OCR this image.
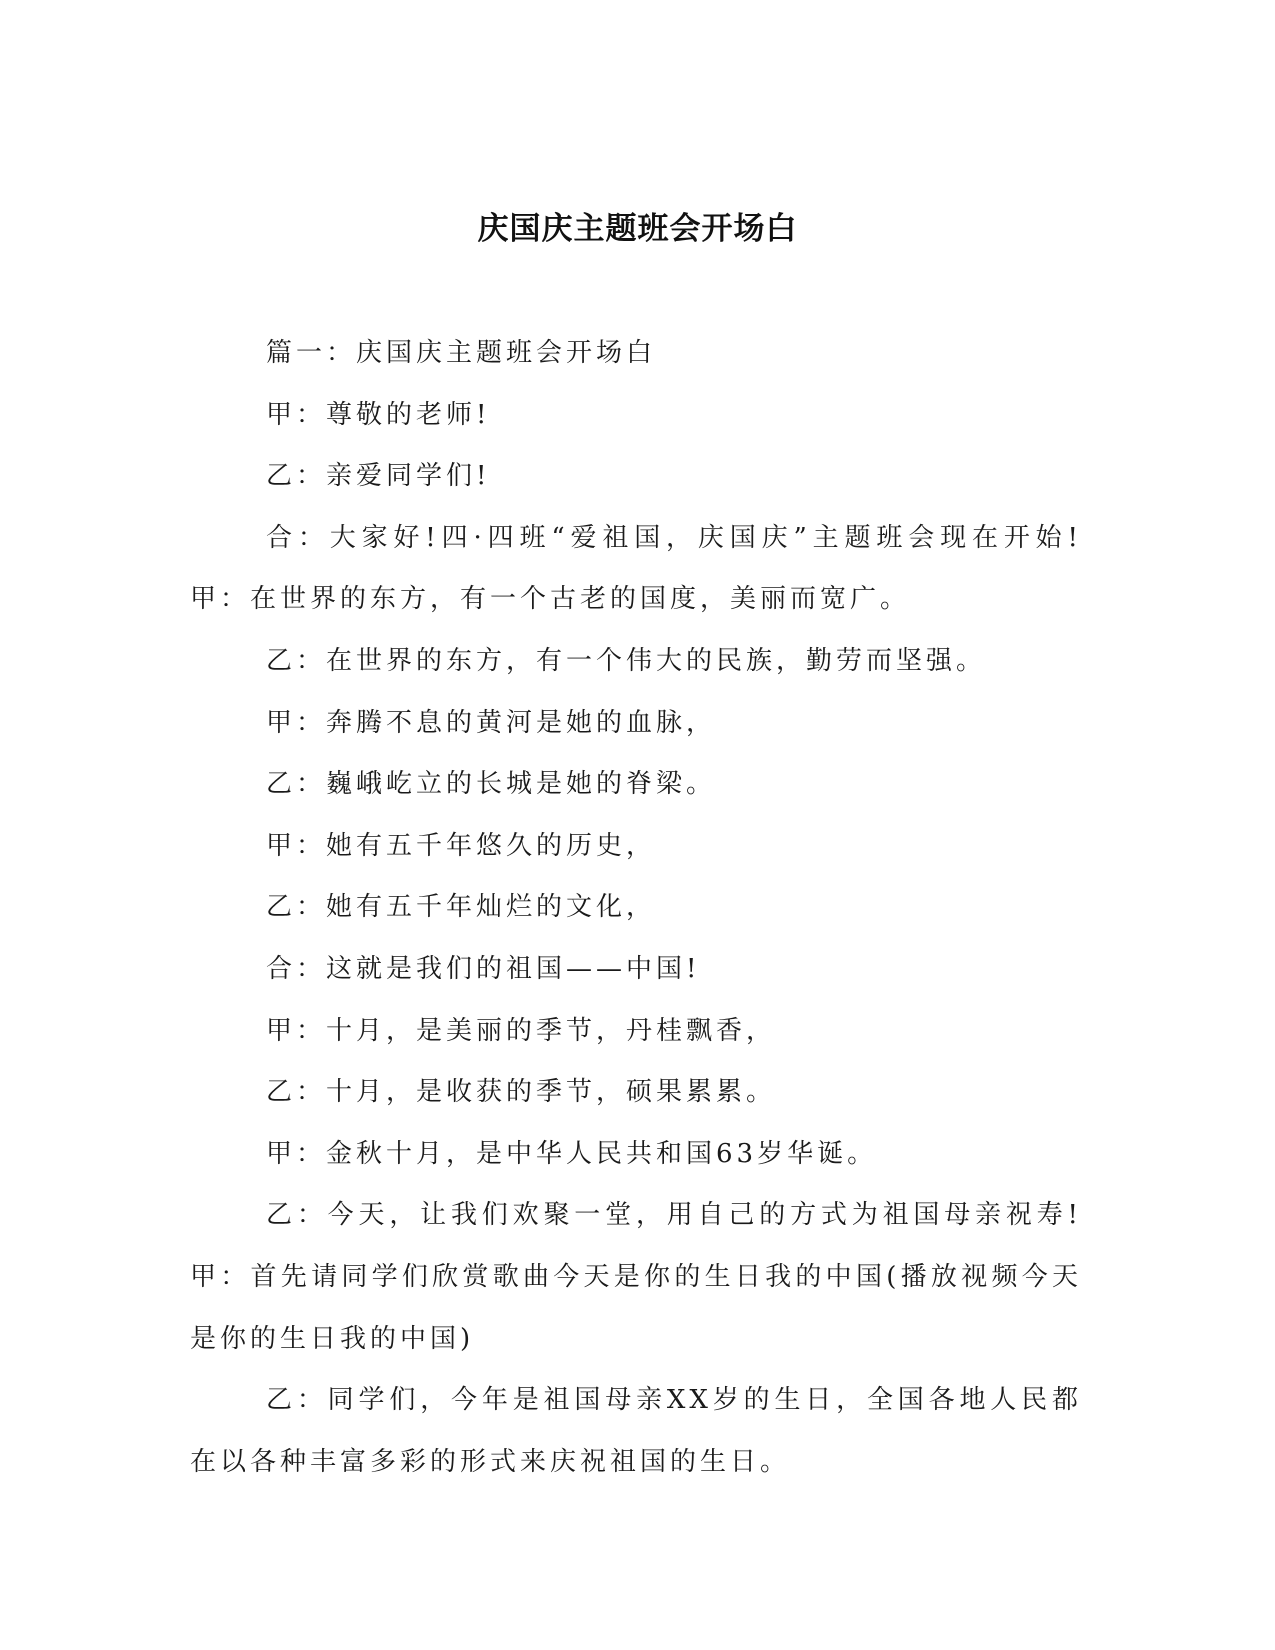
庆国庆主题班会开场白

篇一：庆国庆主题班会开场白

甲：尊敬的老师!

乙：亲爱同学们!

合：大家好!四·四班“爱祖国，庆国庆”主题班会现在开始!甲：在世界的东方，有一个古老的国度，美丽而宽广。

乙：在世界的东方，有一个伟大的民族，勤劳而坚强。

甲：奔腾不息的黄河是她的血脉，

乙：巍峨屹立的长城是她的脊梁。

甲：她有五千年悠久的历史，

乙：她有五千年灿烂的文化，

合：这就是我们的祖国——中国!

甲：十月，是美丽的季节，丹桂飘香，

乙：十月，是收获的季节，硕果累累。

甲：金秋十月，是中华人民共和国63岁华诞。

乙：今天，让我们欢聚一堂，用自己的方式为祖国母亲祝寿!甲：首先请同学们欣赏歌曲今天是你的生日我的中国(播放视频今天是你的生日我的中国)

乙：同学们，今年是祖国母亲XX岁的生日，全国各地人民都在以各种丰富多彩的形式来庆祝祖国的生日。
